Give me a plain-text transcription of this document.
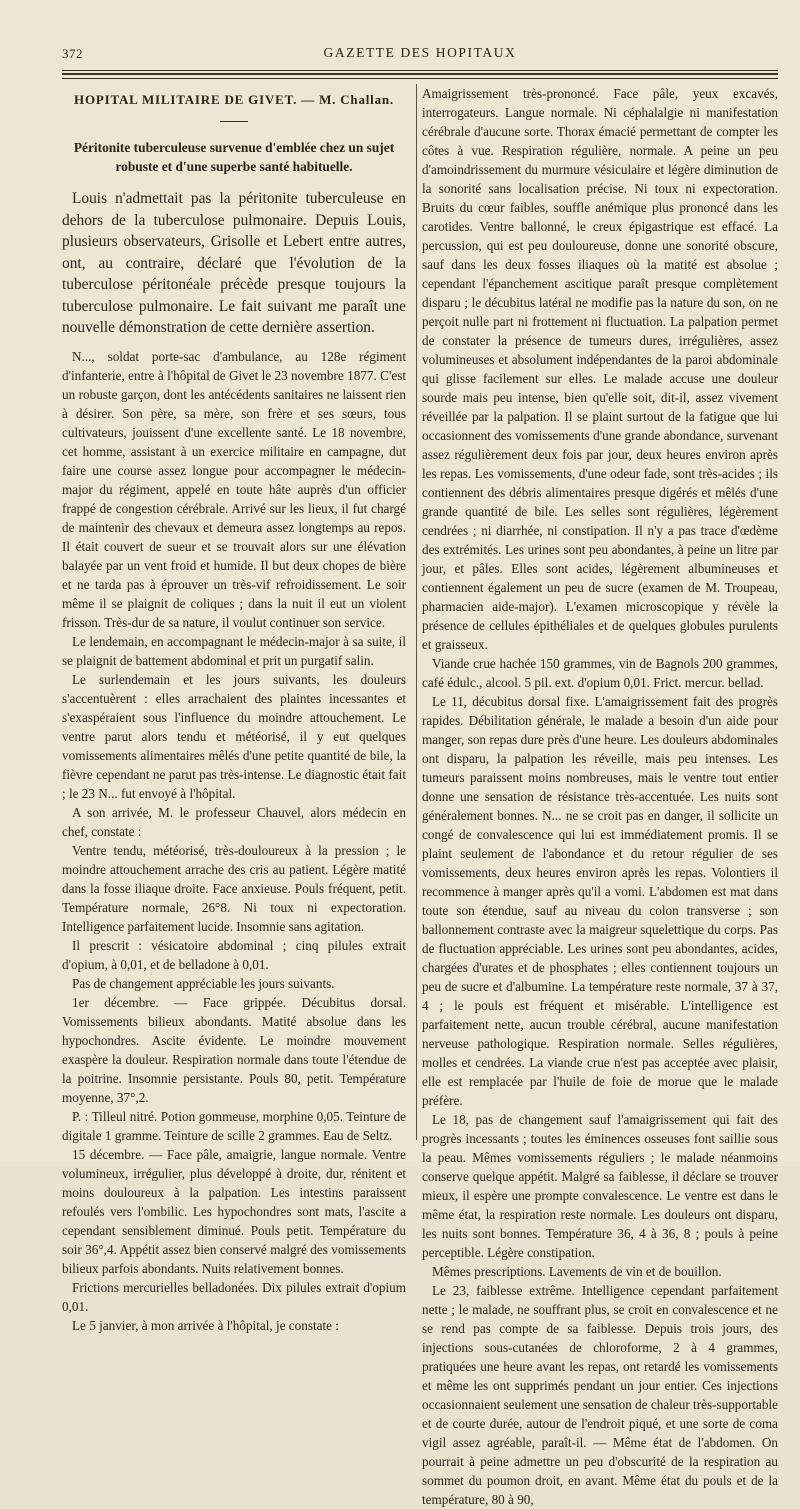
372	GAZETTE DES HOPITAUX
HOPITAL MILITAIRE DE GIVET. — M. Challan.
Péritonite tuberculeuse survenue d'emblée chez un sujet robuste et d'une superbe santé habituelle.

Louis n'admettait pas la péritonite tuberculeuse en dehors de la tuberculose pulmonaire. Depuis Louis, plusieurs observateurs, Grisolle et Lebert entre autres, ont, au contraire, déclaré que l'évolution de la tuberculose péritonéale précède presque toujours la tuberculose pulmonaire. Le fait suivant me paraît une nouvelle démonstration de cette dernière assertion.

N..., soldat porte-sac d'ambulance, au 128e régiment d'infanterie, entre à l'hôpital de Givet le 23 novembre 1877. C'est un robuste garçon, dont les antécédents sanitaires ne laissent rien à désirer. Son père, sa mère, son frère et ses sœurs, tous cultivateurs, jouissent d'une excellente santé. Le 18 novembre, cet homme, assistant à un exercice militaire en campagne, dut faire une course assez longue pour accompagner le médecin-major du régiment, appelé en toute hâte auprès d'un officier frappé de congestion cérébrale. Arrivé sur les lieux, il fut chargé de maintenir des chevaux et demeura assez longtemps au repos. Il était couvert de sueur et se trouvait alors sur une élévation balayée par un vent froid et humide. Il but deux chopes de bière et ne tarda pas à éprouver un très-vif refroidissement. Le soir même il se plaignit de coliques ; dans la nuit il eut un violent frisson. Très-dur de sa nature, il voulut continuer son service.

Le lendemain, en accompagnant le médecin-major à sa suite, il se plaignit de battement abdominal et prit un purgatif salin.

Le surlendemain et les jours suivants, les douleurs s'accentuèrent : elles arrachaient des plaintes incessantes et s'exaspéraient sous l'influence du moindre attouchement. Le ventre parut alors tendu et météorisé, il y eut quelques vomissements alimentaires mêlés d'une petite quantité de bile, la fièvre cependant ne parut pas très-intense. Le diagnostic était fait ; le 23 N... fut envoyé à l'hôpital.

A son arrivée, M. le professeur Chauvel, alors médecin en chef, constate :

Ventre tendu, météorisé, très-douloureux à la pression ; le moindre attouchement arrache des cris au patient. Légère matité dans la fosse iliaque droite. Face anxieuse. Pouls fréquent, petit. Température normale, 26°8. Ni toux ni expectoration. Intelligence parfaitement lucide. Insomnie sans agitation.

Il prescrit : vésicatoire abdominal ; cinq pilules extrait d'opium, à 0,01, et de belladone à 0,01.

Pas de changement appréciable les jours suivants.

1er décembre. — Face grippée. Décubitus dorsal. Vomissements bilieux abondants. Matité absolue dans les hypochondres. Ascite évidente. Le moindre mouvement exaspère la douleur. Respiration normale dans toute l'étendue de la poitrine. Insomnie persistante. Pouls 80, petit. Température moyenne, 37°,2.

P. : Tilleul nitré. Potion gommeuse, morphine 0,05. Teinture de digitale 1 gramme. Teinture de scille 2 grammes. Eau de Seltz.

15 décembre. — Face pâle, amaigrie, langue normale. Ventre volumineux, irrégulier, plus développé à droite, dur, rénitent et moins douloureux à la palpation. Les intestins paraissent refoulés vers l'ombilic. Les hypochondres sont mats, l'ascite a cependant sensiblement diminué. Pouls petit. Température du soir 36°,4. Appétit assez bien conservé malgré des vomissements bilieux parfois abondants. Nuits relativement bonnes.

Frictions mercurielles belladonées. Dix pilules extrait d'opium 0,01.

Le 5 janvier, à mon arrivée à l'hôpital, je constate :

Amaigrissement très-prononcé. Face pâle, yeux excavés, interrogateurs. Langue normale. Ni céphalalgie ni manifestation cérébrale d'aucune sorte. Thorax émacié permettant de compter les côtes à vue. Respiration régulière, normale. A peine un peu d'amoindrissement du murmure vésiculaire et légère diminution de la sonorité sans localisation précise. Ni toux ni expectoration. Bruits du cœur faibles, souffle anémique plus prononcé dans les carotides. Ventre ballonné, le creux épigastrique est effacé. La percussion, qui est peu douloureuse, donne une sonorité obscure, sauf dans les deux fosses iliaques où la matité est absolue ; cependant l'épanchement ascitique paraît presque complètement disparu ; le décubitus latéral ne modifie pas la nature du son, on ne perçoit nulle part ni frottement ni fluctuation. La palpation permet de constater la présence de tumeurs dures, irrégulières, assez volumineuses et absolument indépendantes de la paroi abdominale qui glisse facilement sur elles. Le malade accuse une douleur sourde mais peu intense, bien qu'elle soit, dit-il, assez vivement réveillée par la palpation. Il se plaint surtout de la fatigue que lui occasionnent des vomissements d'une grande abondance, survenant assez régulièrement deux fois par jour, deux heures environ après les repas. Les vomissements, d'une odeur fade, sont très-acides ; ils contiennent des débris alimentaires presque digérés et mêlés d'une grande quantité de bile. Les selles sont régulières, légèrement cendrées ; ni diarrhée, ni constipation. Il n'y a pas trace d'œdème des extrémités. Les urines sont peu abondantes, à peine un litre par jour, et pâles. Elles sont acides, légèrement albumineuses et contiennent également un peu de sucre (examen de M. Troupeau, pharmacien aide-major). L'examen microscopique y révèle la présence de cellules épithéliales et de quelques globules purulents et graisseux.

Viande crue hachée 150 grammes, vin de Bagnols 200 grammes, café édulc., alcool. 5 pil. ext. d'opium 0,01. Frict. mercur. bellad.

Le 11, décubitus dorsal fixe. L'amaigrissement fait des progrès rapides. Débilitation générale, le malade a besoin d'un aide pour manger, son repas dure près d'une heure. Les douleurs abdominales ont disparu, la palpation les réveille, mais peu intenses. Les tumeurs paraissent moins nombreuses, mais le ventre tout entier donne une sensation de résistance très-accentuée. Les nuits sont généralement bonnes. N... ne se croit pas en danger, il sollicite un congé de convalescence qui lui est immédiatement promis. Il se plaint seulement de l'abondance et du retour régulier de ses vomissements, deux heures environ après les repas. Volontiers il recommence à manger après qu'il a vomi. L'abdomen est mat dans toute son étendue, sauf au niveau du colon transverse ; son ballonnement contraste avec la maigreur squelettique du corps. Pas de fluctuation appréciable. Les urines sont peu abondantes, acides, chargées d'urates et de phosphates ; elles contiennent toujours un peu de sucre et d'albumine. La température reste normale, 37 à 37, 4 ; le pouls est fréquent et misérable. L'intelligence est parfaitement nette, aucun trouble cérébral, aucune manifestation nerveuse pathologique. Respiration normale. Selles régulières, molles et cendrées. La viande crue n'est pas acceptée avec plaisir, elle est remplacée par l'huile de foie de morue que le malade préfère.

Le 18, pas de changement sauf l'amaigrissement qui fait des progrès incessants ; toutes les éminences osseuses font saillie sous la peau. Mêmes vomissements réguliers ; le malade néanmoins conserve quelque appétit. Malgré sa faiblesse, il déclare se trouver mieux, il espère une prompte convalescence. Le ventre est dans le même état, la respiration reste normale. Les douleurs ont disparu, les nuits sont bonnes. Température 36, 4 à 36, 8 ; pouls à peine perceptible. Légère constipation.

Mêmes prescriptions. Lavements de vin et de bouillon.

Le 23, faiblesse extrême. Intelligence cependant parfaitement nette ; le malade, ne souffrant plus, se croit en convalescence et ne se rend pas compte de sa faiblesse. Depuis trois jours, des injections sous-cutanées de chloroforme, 2 à 4 grammes, pratiquées une heure avant les repas, ont retardé les vomissements et même les ont supprimés pendant un jour entier. Ces injections occasionnaient seulement une sensation de chaleur très-supportable et de courte durée, autour de l'endroit piqué, et une sorte de coma vigil assez agréable, paraît-il. — Même état de l'abdomen. On pourrait à peine admettre un peu d'obscurité de la respiration au sommet du poumon droit, en avant. Même état du pouls et de la température, 80 à 90,
